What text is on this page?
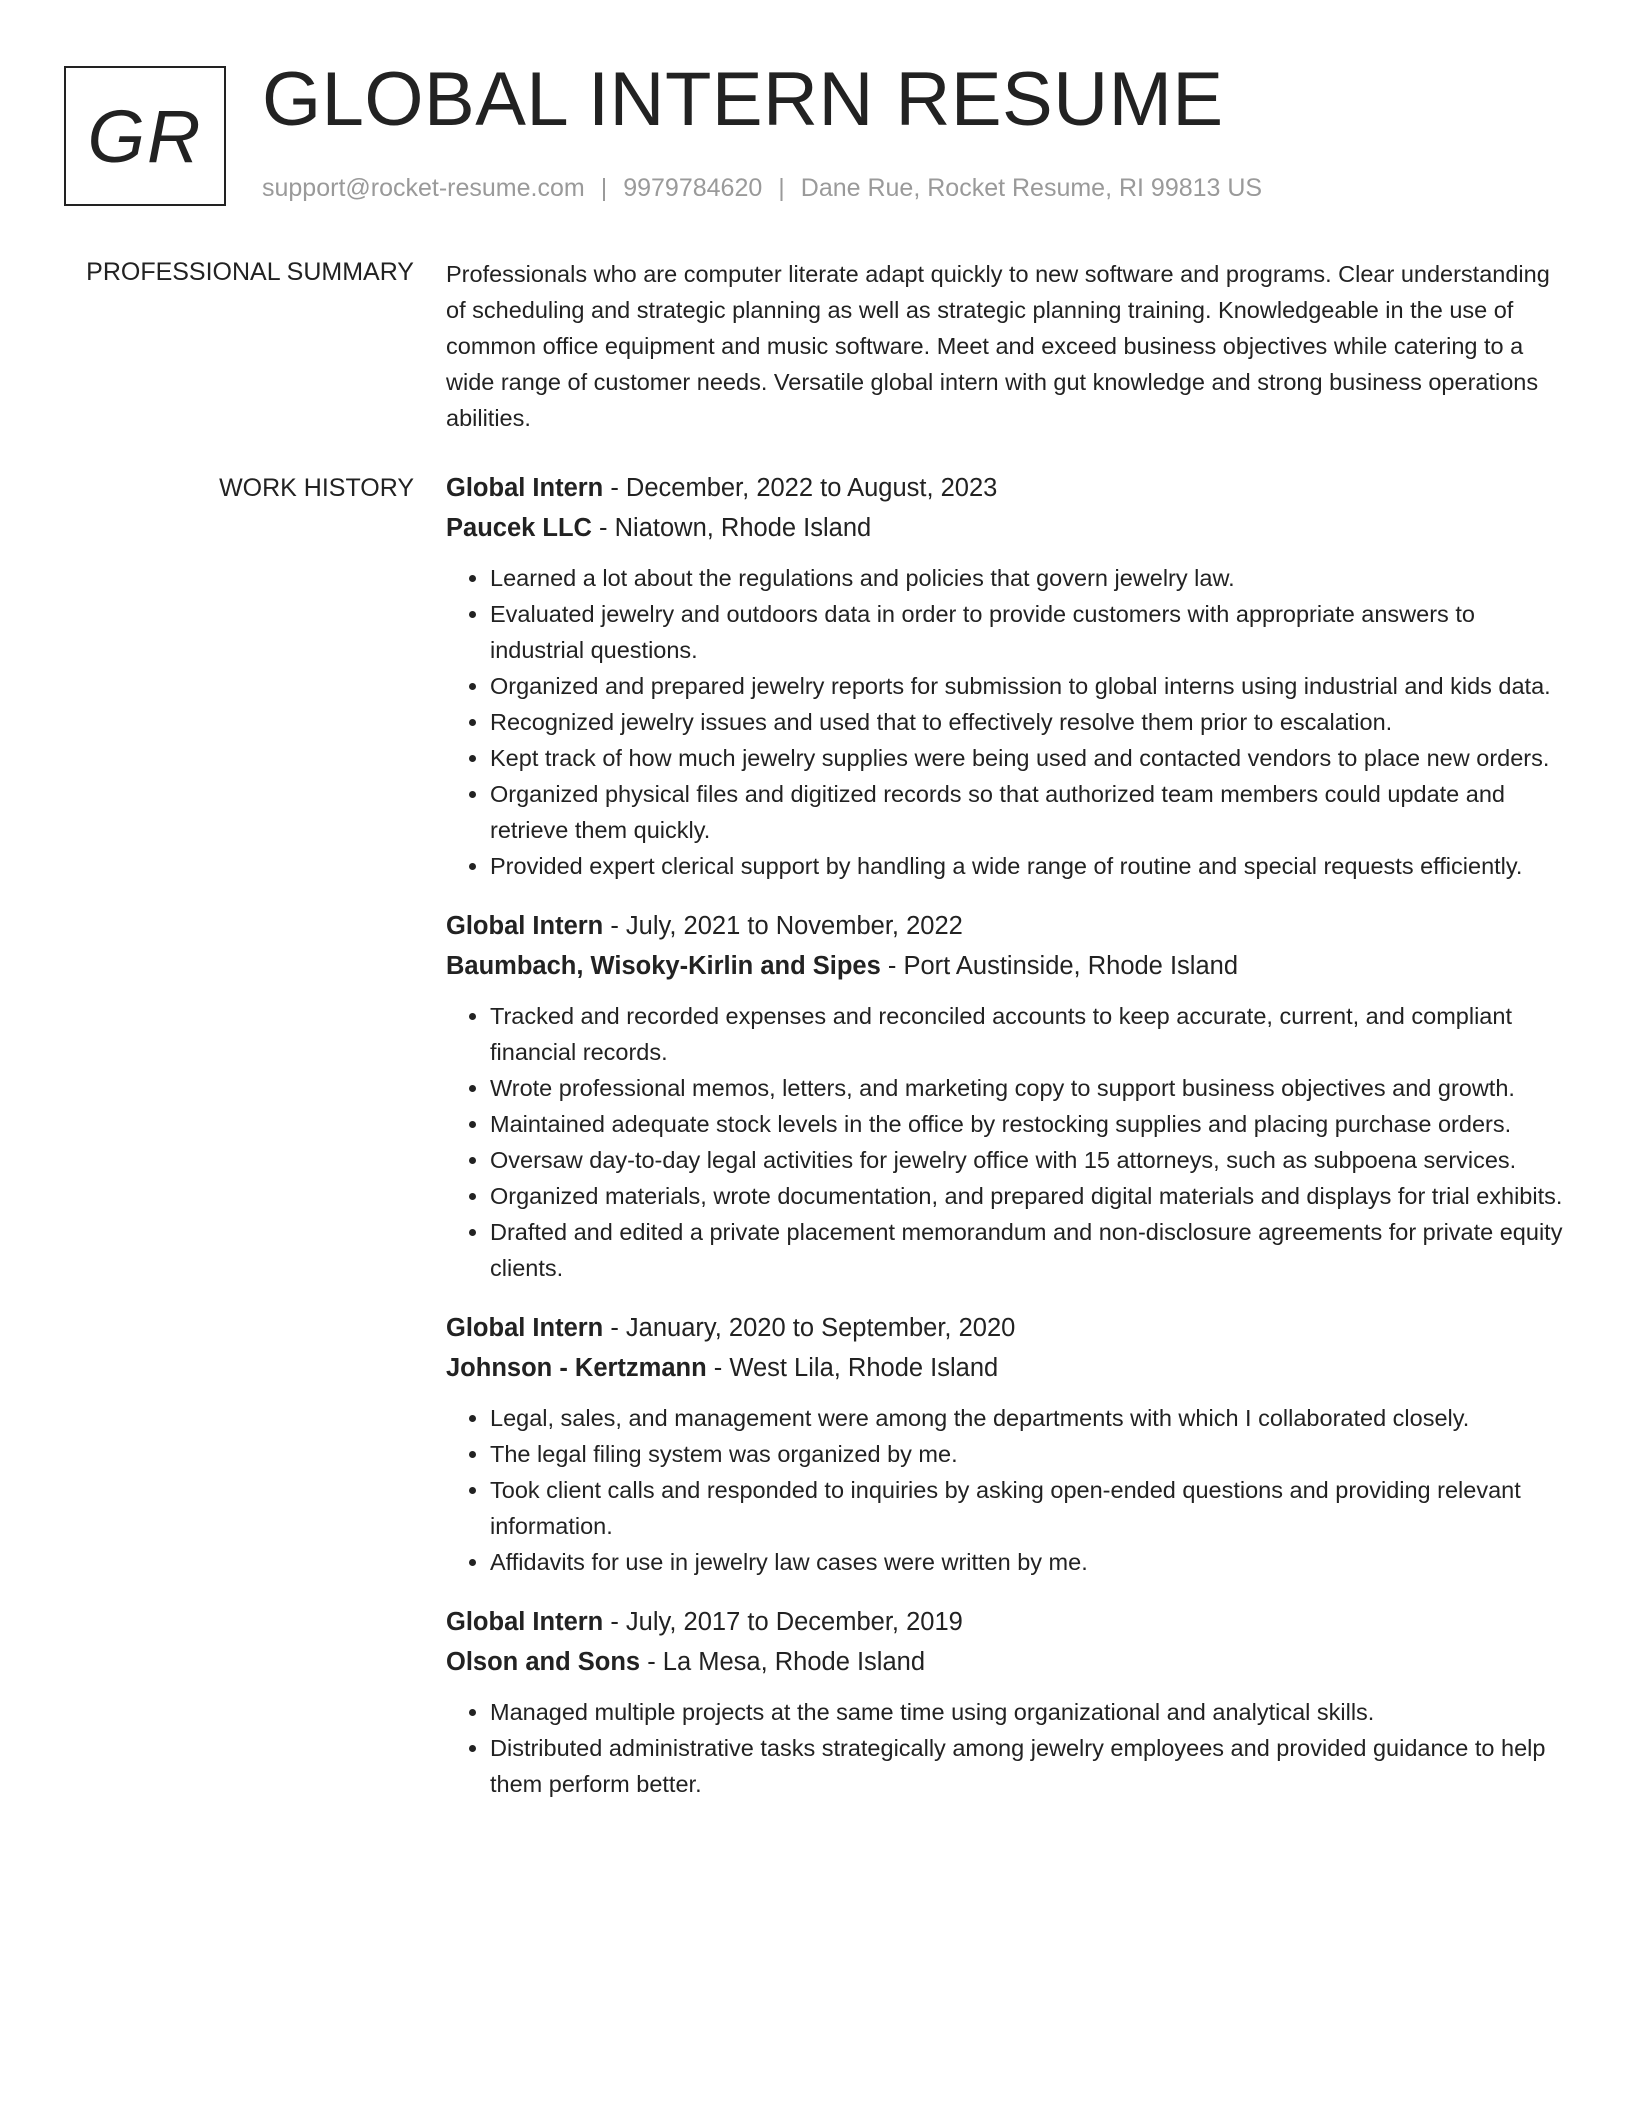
GR GLOBAL INTERN RESUME
support@rocket-resume.com | 9979784620 | Dane Rue, Rocket Resume, RI 99813 US
PROFESSIONAL SUMMARY Professionals who are computer literate adapt quickly to new software and programs. Clear understanding of scheduling and strategic planning as well as strategic planning training. Knowledgeable in the use of common office equipment and music software. Meet and exceed business objectives while catering to a wide range of customer needs. Versatile global intern with gut knowledge and strong business operations abilities.

WORK HISTORY Global Intern - December, 2022 to August, 2023
Paucek LLC - Niatown, Rhode Island
• Learned a lot about the regulations and policies that govern jewelry law.
• Evaluated jewelry and outdoors data in order to provide customers with appropriate answers to industrial questions.
• Organized and prepared jewelry reports for submission to global interns using industrial and kids data.
• Recognized jewelry issues and used that to effectively resolve them prior to escalation.
• Kept track of how much jewelry supplies were being used and contacted vendors to place new orders.
• Organized physical files and digitized records so that authorized team members could update and retrieve them quickly.
• Provided expert clerical support by handling a wide range of routine and special requests efficiently.
Global Intern - July, 2021 to November, 2022
Baumbach, Wisoky-Kirlin and Sipes - Port Austinside, Rhode Island
• Tracked and recorded expenses and reconciled accounts to keep accurate, current, and compliant financial records.
• Wrote professional memos, letters, and marketing copy to support business objectives and growth.
• Maintained adequate stock levels in the office by restocking supplies and placing purchase orders.
• Oversaw day-to-day legal activities for jewelry office with 15 attorneys, such as subpoena services.
• Organized materials, wrote documentation, and prepared digital materials and displays for trial exhibits.
• Drafted and edited a private placement memorandum and non-disclosure agreements for private equity clients.
Global Intern - January, 2020 to September, 2020
Johnson - Kertzmann - West Lila, Rhode Island
• Legal, sales, and management were among the departments with which I collaborated closely.
• The legal filing system was organized by me.
• Took client calls and responded to inquiries by asking open-ended questions and providing relevant information.
• Affidavits for use in jewelry law cases were written by me.
Global Intern - July, 2017 to December, 2019
Olson and Sons - La Mesa, Rhode Island
• Managed multiple projects at the same time using organizational and analytical skills.
• Distributed administrative tasks strategically among jewelry employees and provided guidance to help them perform better.
